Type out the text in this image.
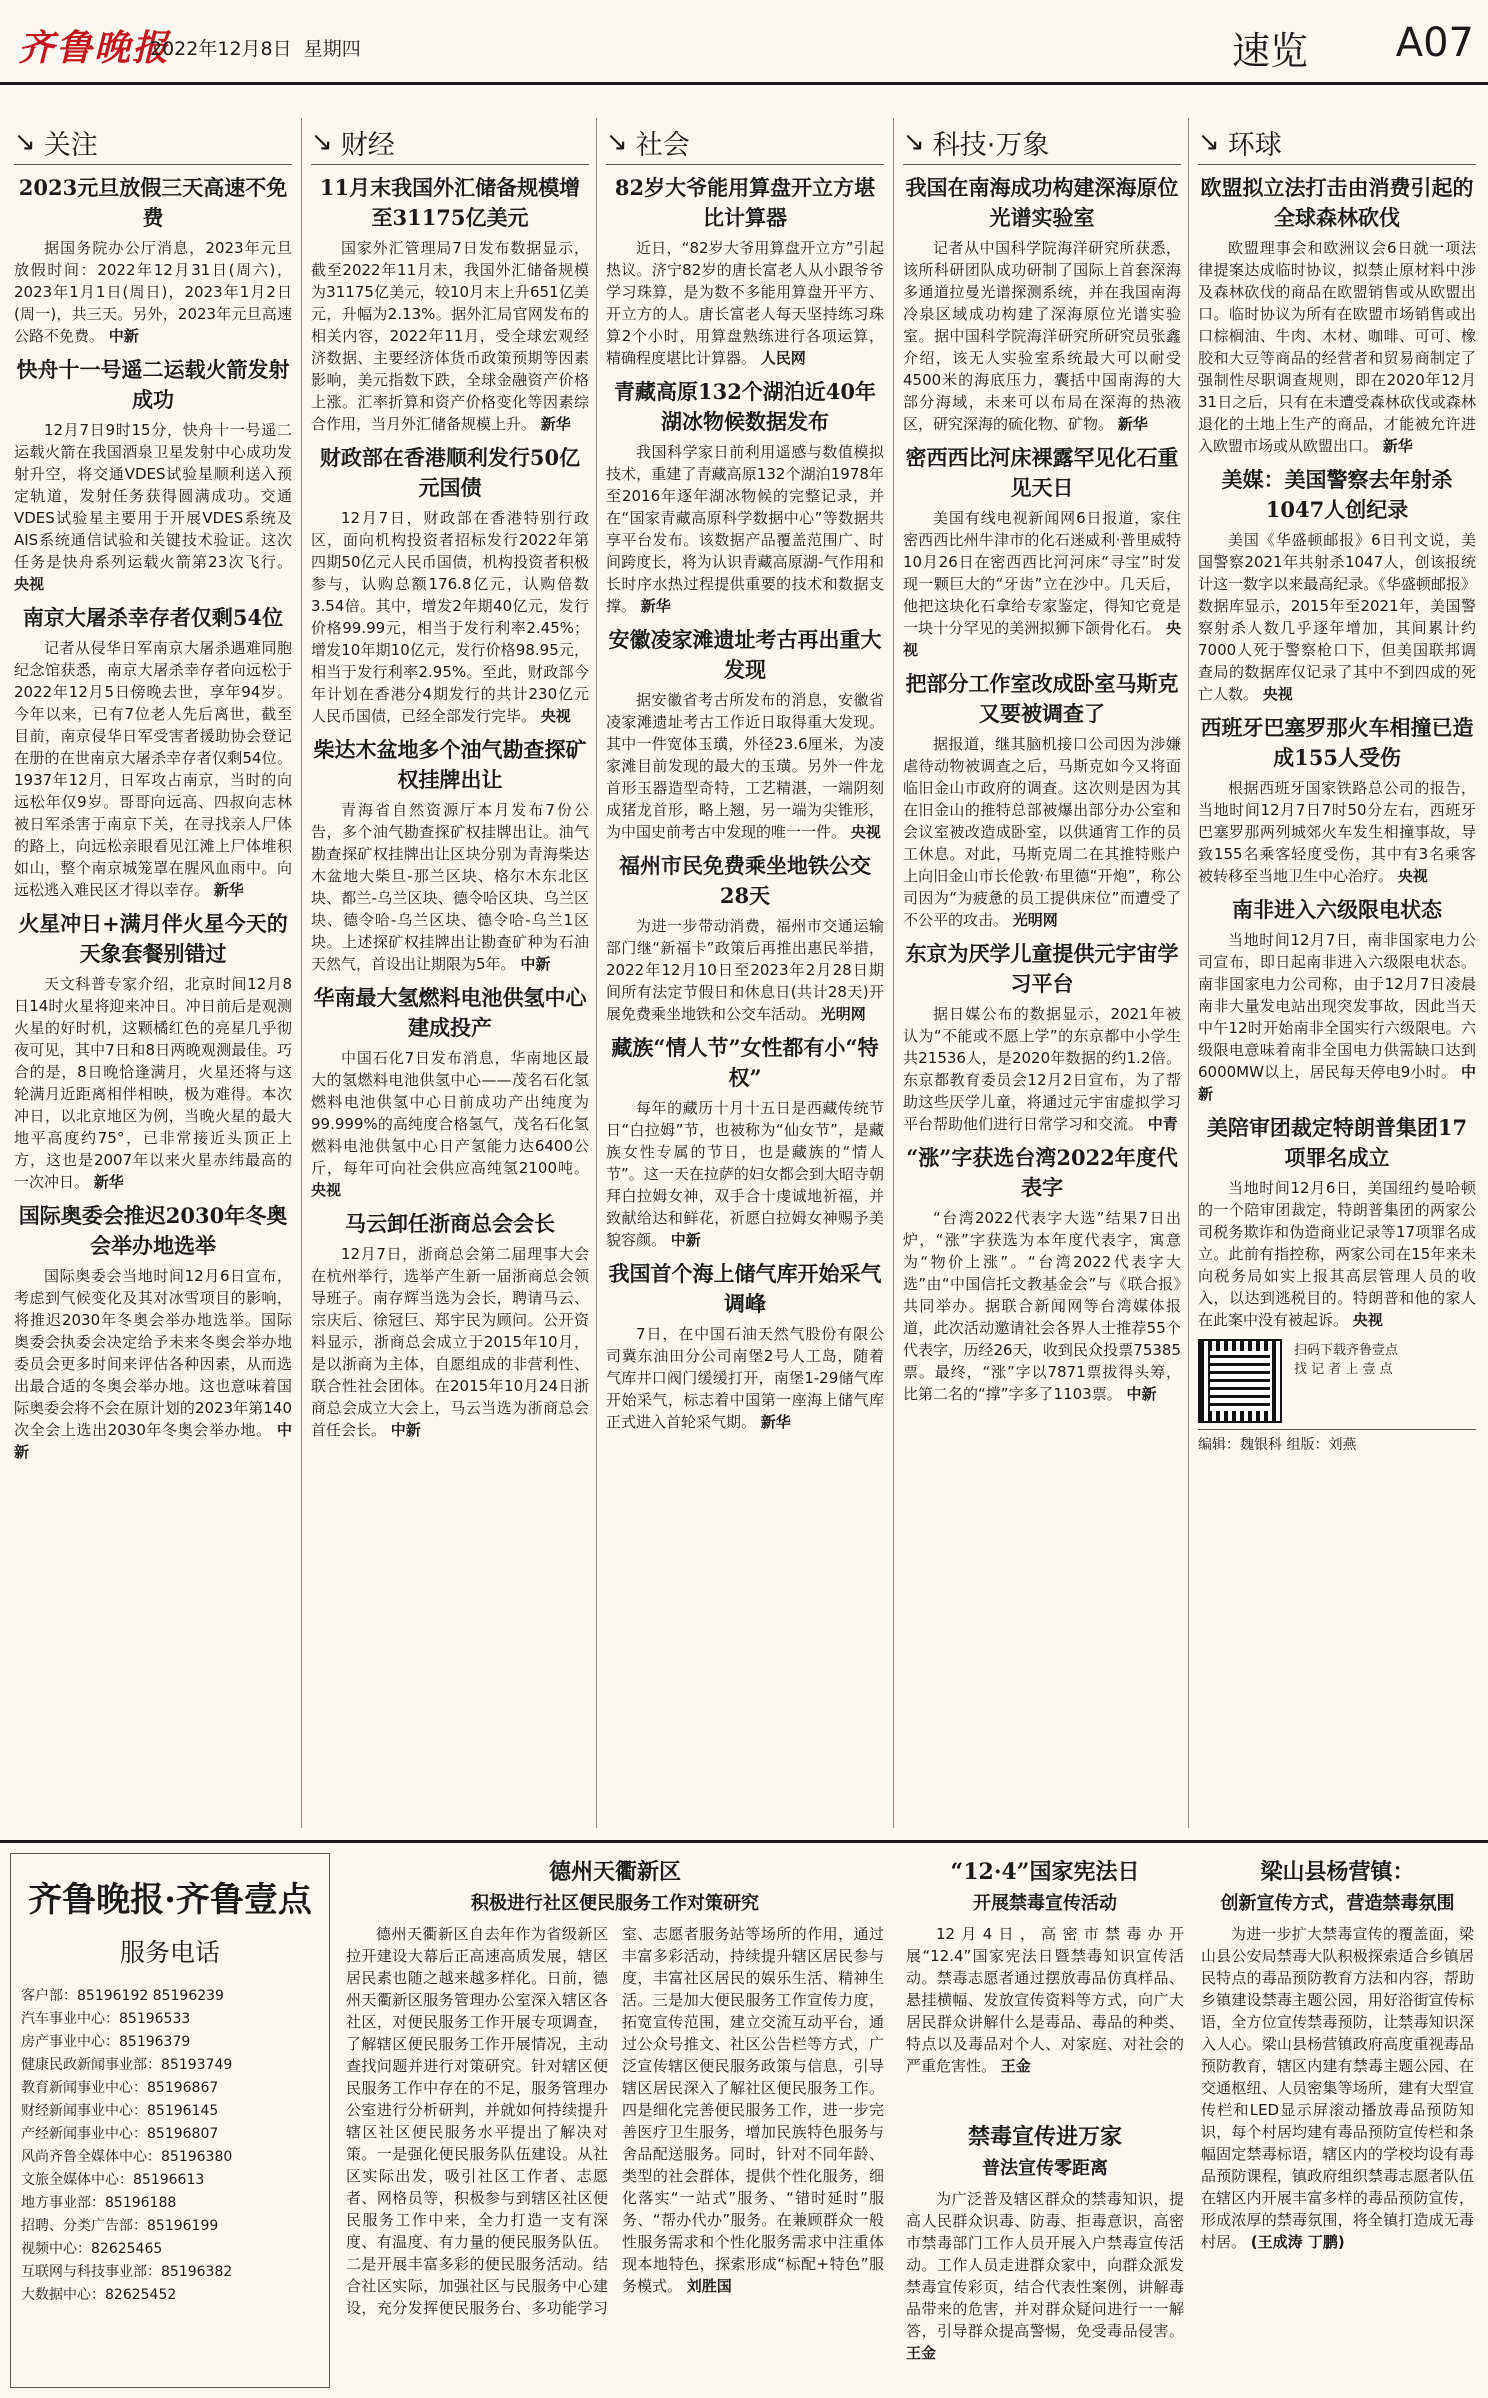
齐鲁晚报
2022年12月8日 星期四	速览 A07
↘ 关注
2023元旦放假三天高速不免费

据国务院办公厅消息，2023年元旦放假时间：2022年12月31日(周六)，2023年1月1日(周日)，2023年1月2日(周一)，共三天。另外，2023年元旦高速公路不免费。 中新

快舟十一号遥二运载火箭发射成功

12月7日9时15分，快舟十一号遥二运载火箭在我国酒泉卫星发射中心成功发射升空，将交通VDES试验星顺利送入预定轨道，发射任务获得圆满成功。交通VDES试验星主要用于开展VDES系统及AIS系统通信试验和关键技术验证。这次任务是快舟系列运载火箭第23次飞行。 央视

南京大屠杀幸存者仅剩54位

记者从侵华日军南京大屠杀遇难同胞纪念馆获悉，南京大屠杀幸存者向远松于2022年12月5日傍晚去世，享年94岁。今年以来，已有7位老人先后离世，截至目前，南京侵华日军受害者援助协会登记在册的在世南京大屠杀幸存者仅剩54位。1937年12月，日军攻占南京，当时的向远松年仅9岁。哥哥向远高、四叔向志林被日军杀害于南京下关，在寻找亲人尸体的路上，向远松亲眼看见江滩上尸体堆积如山，整个南京城笼罩在腥风血雨中。向远松逃入难民区才得以幸存。 新华

火星冲日+满月伴火星今天的天象套餐别错过

天文科普专家介绍，北京时间12月8日14时火星将迎来冲日。冲日前后是观测火星的好时机，这颗橘红色的亮星几乎彻夜可见，其中7日和8日两晚观测最佳。巧合的是，8日晚恰逢满月，火星还将与这轮满月近距离相伴相映，极为难得。本次冲日，以北京地区为例，当晚火星的最大地平高度约75°，已非常接近头顶正上方，这也是2007年以来火星赤纬最高的一次冲日。 新华

国际奥委会推迟2030年冬奥会举办地选举

国际奥委会当地时间12月6日宣布，考虑到气候变化及其对冰雪项目的影响，将推迟2030年冬奥会举办地选举。国际奥委会执委会决定给予未来冬奥会举办地委员会更多时间来评估各种因素，从而选出最合适的冬奥会举办地。这也意味着国际奥委会将不会在原计划的2023年第140次全会上选出2030年冬奥会举办地。 中新

↘ 财经
11月末我国外汇储备规模增至31175亿美元

国家外汇管理局7日发布数据显示，截至2022年11月末，我国外汇储备规模为31175亿美元，较10月末上升651亿美元，升幅为2.13%。据外汇局官网发布的相关内容，2022年11月，受全球宏观经济数据、主要经济体货币政策预期等因素影响，美元指数下跌，全球金融资产价格上涨。汇率折算和资产价格变化等因素综合作用，当月外汇储备规模上升。 新华

财政部在香港顺利发行50亿元国债

12月7日，财政部在香港特别行政区，面向机构投资者招标发行2022年第四期50亿元人民币国债，机构投资者积极参与，认购总额176.8亿元，认购倍数3.54倍。其中，增发2年期40亿元，发行价格99.99元，相当于发行利率2.45%；增发10年期10亿元，发行价格98.95元，相当于发行利率2.95%。至此，财政部今年计划在香港分4期发行的共计230亿元人民币国债，已经全部发行完毕。 央视

柴达木盆地多个油气勘查探矿权挂牌出让

青海省自然资源厅本月发布7份公告，多个油气勘查探矿权挂牌出让。油气勘查探矿权挂牌出让区块分别为青海柴达木盆地大柴旦-那兰区块、格尔木东北区块、都兰-乌兰区块、德令哈区块、乌兰区块、德令哈-乌兰区块、德令哈-乌兰1区块。上述探矿权挂牌出让勘查矿种为石油天然气，首设出让期限为5年。 中新

华南最大氢燃料电池供氢中心建成投产

中国石化7日发布消息，华南地区最大的氢燃料电池供氢中心——茂名石化氢燃料电池供氢中心日前成功产出纯度为99.999%的高纯度合格氢气，茂名石化氢燃料电池供氢中心日产氢能力达6400公斤，每年可向社会供应高纯氢2100吨。 央视

马云卸任浙商总会会长

12月7日，浙商总会第二届理事大会在杭州举行，选举产生新一届浙商总会领导班子。南存辉当选为会长，聘请马云、宗庆后、徐冠巨、郑宇民为顾问。公开资料显示，浙商总会成立于2015年10月，是以浙商为主体，自愿组成的非营利性、联合性社会团体。在2015年10月24日浙商总会成立大会上，马云当选为浙商总会首任会长。 中新

↘ 社会
82岁大爷能用算盘开立方堪比计算器

近日，“82岁大爷用算盘开立方”引起热议。济宁82岁的唐长富老人从小跟爷爷学习珠算，是为数不多能用算盘开平方、开立方的人。唐长富老人每天坚持练习珠算2个小时，用算盘熟练进行各项运算，精确程度堪比计算器。 人民网

青藏高原132个湖泊近40年湖冰物候数据发布

我国科学家日前利用遥感与数值模拟技术，重建了青藏高原132个湖泊1978年至2016年逐年湖冰物候的完整记录，并在“国家青藏高原科学数据中心”等数据共享平台发布。该数据产品覆盖范围广、时间跨度长，将为认识青藏高原湖-气作用和长时序水热过程提供重要的技术和数据支撑。 新华

安徽凌家滩遗址考古再出重大发现

据安徽省考古所发布的消息，安徽省凌家滩遗址考古工作近日取得重大发现。其中一件宽体玉璜，外径23.6厘米，为凌家滩目前发现的最大的玉璜。另外一件龙首形玉器造型奇特，工艺精湛，一端阴刻成猪龙首形，略上翘，另一端为尖锥形，为中国史前考古中发现的唯一一件。 央视

福州市民免费乘坐地铁公交28天

为进一步带动消费，福州市交通运输部门继“新福卡”政策后再推出惠民举措，2022年12月10日至2023年2月28日期间所有法定节假日和休息日(共计28天)开展免费乘坐地铁和公交车活动。 光明网

藏族“情人节”女性都有小“特权”

每年的藏历十月十五日是西藏传统节日“白拉姆”节，也被称为“仙女节”，是藏族女性专属的节日，也是藏族的“情人节”。这一天在拉萨的妇女都会到大昭寺朝拜白拉姆女神，双手合十虔诚地祈福，并致献给达和鲜花，祈愿白拉姆女神赐予美貌容颜。 中新

我国首个海上储气库开始采气调峰

7日，在中国石油天然气股份有限公司冀东油田分公司南堡2号人工岛，随着气库井口阀门缓缓打开，南堡1-29储气库开始采气，标志着中国第一座海上储气库正式进入首轮采气期。 新华

↘ 科技·万象
我国在南海成功构建深海原位光谱实验室

记者从中国科学院海洋研究所获悉，该所科研团队成功研制了国际上首套深海多通道拉曼光谱探测系统，并在我国南海冷泉区域成功构建了深海原位光谱实验室。据中国科学院海洋研究所研究员张鑫介绍，该无人实验室系统最大可以耐受4500米的海底压力，囊括中国南海的大部分海域，未来可以布局在深海的热液区，研究深海的硫化物、矿物。 新华

密西西比河床裸露罕见化石重见天日

美国有线电视新闻网6日报道，家住密西西比州牛津市的化石迷威利·普里威特10月26日在密西西比河河床“寻宝”时发现一颗巨大的“牙齿”立在沙中。几天后，他把这块化石拿给专家鉴定，得知它竟是一块十分罕见的美洲拟狮下颌骨化石。 央视

把部分工作室改成卧室马斯克又要被调查了

据报道，继其脑机接口公司因为涉嫌虐待动物被调查之后，马斯克如今又将面临旧金山市政府的调查。这次则是因为其在旧金山的推特总部被爆出部分办公室和会议室被改造成卧室，以供通宵工作的员工休息。对此，马斯克周二在其推特账户上向旧金山市长伦敦·布里德“开炮”，称公司因为“为疲惫的员工提供床位”而遭受了不公平的攻击。 光明网

东京为厌学儿童提供元宇宙学习平台

据日媒公布的数据显示，2021年被认为“不能或不愿上学”的东京都中小学生共21536人，是2020年数据的约1.2倍。东京都教育委员会12月2日宣布，为了帮助这些厌学儿童，将通过元宇宙虚拟学习平台帮助他们进行日常学习和交流。 中青

“涨”字获选台湾2022年度代表字

“台湾2022代表字大选”结果7日出炉，“涨”字获选为本年度代表字，寓意为“物价上涨”。“台湾2022代表字大选”由“中国信托文教基金会”与《联合报》共同举办。据联合新闻网等台湾媒体报道，此次活动邀请社会各界人士推荐55个代表字，历经26天，收到民众投票75385票。最终，“涨”字以7871票拔得头筹，比第二名的“撑”字多了1103票。 中新

↘ 环球
欧盟拟立法打击由消费引起的全球森林砍伐

欧盟理事会和欧洲议会6日就一项法律提案达成临时协议，拟禁止原材料中涉及森林砍伐的商品在欧盟销售或从欧盟出口。临时协议为所有在欧盟市场销售或出口棕榈油、牛肉、木材、咖啡、可可、橡胶和大豆等商品的经营者和贸易商制定了强制性尽职调查规则，即在2020年12月31日之后，只有在未遭受森林砍伐或森林退化的土地上生产的商品，才能被允许进入欧盟市场或从欧盟出口。 新华

美媒：美国警察去年射杀1047人创纪录

美国《华盛顿邮报》6日刊文说，美国警察2021年共射杀1047人，创该报统计这一数字以来最高纪录。《华盛顿邮报》数据库显示，2015年至2021年，美国警察射杀人数几乎逐年增加，其间累计约7000人死于警察枪口下，但美国联邦调查局的数据库仅记录了其中不到四成的死亡人数。 央视

西班牙巴塞罗那火车相撞已造成155人受伤

根据西班牙国家铁路总公司的报告，当地时间12月7日7时50分左右，西班牙巴塞罗那两列城郊火车发生相撞事故，导致155名乘客轻度受伤，其中有3名乘客被转移至当地卫生中心治疗。 央视

南非进入六级限电状态

当地时间12月7日，南非国家电力公司宣布，即日起南非进入六级限电状态。南非国家电力公司称，由于12月7日凌晨南非大量发电站出现突发事故，因此当天中午12时开始南非全国实行六级限电。六级限电意味着南非全国电力供需缺口达到6000MW以上，居民每天停电9小时。 中新

美陪审团裁定特朗普集团17项罪名成立

当地时间12月6日，美国纽约曼哈顿的一个陪审团裁定，特朗普集团的两家公司税务欺诈和伪造商业记录等17项罪名成立。此前有指控称，两家公司在15年来未向税务局如实上报其高层管理人员的收入，以达到逃税目的。特朗普和他的家人在此案中没有被起诉。 央视

扫码下载齐鲁壹点
找 记 者 上 壹 点
编辑：魏银科 组版：刘燕
齐鲁晚报·齐鲁壹点
服务电话
客户部：85196192 85196239
汽车事业中心：85196533
房产事业中心：85196379
健康民政新闻事业部：85193749
教育新闻事业中心：85196867
财经新闻事业中心：85196145
产经新闻事业中心：85196807
风尚齐鲁全媒体中心：85196380
文旅全媒体中心：85196613
地方事业部：85196188
招聘、分类广告部：85196199
视频中心：82625465
互联网与科技事业部：85196382
大数据中心：82625452
德州天衢新区
积极进行社区便民服务工作对策研究

德州天衢新区自去年作为省级新区拉开建设大幕后正高速高质发展，辖区居民素也随之越来越多样化。日前，德州天衢新区服务管理办公室深入辖区各社区，对便民服务工作开展专项调查，了解辖区便民服务工作开展情况，主动查找问题并进行对策研究。针对辖区便民服务工作中存在的不足，服务管理办公室进行分析研判，并就如何持续提升辖区社区便民服务水平提出了解决对策。一是强化便民服务队伍建设。从社区实际出发，吸引社区工作者、志愿者、网格员等，积极参与到辖区社区便民服务工作中来，全力打造一支有深度、有温度、有力量的便民服务队伍。二是开展丰富多彩的便民服务活动。结合社区实际，加强社区与民服务中心建设，充分发挥便民服务台、多功能学习室、志愿者服务站等场所的作用，通过丰富多彩活动，持续提升辖区居民参与度，丰富社区居民的娱乐生活、精神生活。三是加大便民服务工作宣传力度，拓宽宣传范围，建立交流互动平台，通过公众号推文、社区公告栏等方式，广泛宣传辖区便民服务政策与信息，引导辖区居民深入了解社区便民服务工作。四是细化完善便民服务工作，进一步完善医疗卫生服务，增加民族特色服务与舍品配送服务。同时，针对不同年龄、类型的社会群体，提供个性化服务，细化落实“一站式”服务、“错时延时”服务、“帮办代办”服务。在兼顾群众一般性服务需求和个性化服务需求中注重体现本地特色，探索形成“标配+特色”服务模式。 刘胜国

“12·4”国家宪法日
开展禁毒宣传活动

12月4日，高密市禁毒办开展“12.4”国家宪法日暨禁毒知识宣传活动。禁毒志愿者通过摆放毒品仿真样品、悬挂横幅、发放宣传资料等方式，向广大居民群众讲解什么是毒品、毒品的种类、特点以及毒品对个人、对家庭、对社会的严重危害性。 王金

禁毒宣传进万家
普法宣传零距离

为广泛普及辖区群众的禁毒知识，提高人民群众识毒、防毒、拒毒意识，高密市禁毒部门工作人员开展入户禁毒宣传活动。工作人员走进群众家中，向群众派发禁毒宣传彩页，结合代表性案例，讲解毒品带来的危害，并对群众疑问进行一一解答，引导群众提高警惕，免受毒品侵害。 王金

梁山县杨营镇：
创新宣传方式，营造禁毒氛围

为进一步扩大禁毒宣传的覆盖面，梁山县公安局禁毒大队积极探索适合乡镇居民特点的毒品预防教育方法和内容，帮助乡镇建设禁毒主题公园，用好浴街宣传标语，全方位宣传禁毒预防，让禁毒知识深入人心。梁山县杨营镇政府高度重视毒品预防教育，辖区内建有禁毒主题公园、在交通枢纽、人员密集等场所，建有大型宣传栏和LED显示屏滚动播放毒品预防知识，每个村居均建有毒品预防宣传栏和条幅固定禁毒标语，辖区内的学校均设有毒品预防课程，镇政府组织禁毒志愿者队伍在辖区内开展丰富多样的毒品预防宣传，形成浓厚的禁毒氛围，将全镇打造成无毒村居。 (王成涛 丁鹏)
